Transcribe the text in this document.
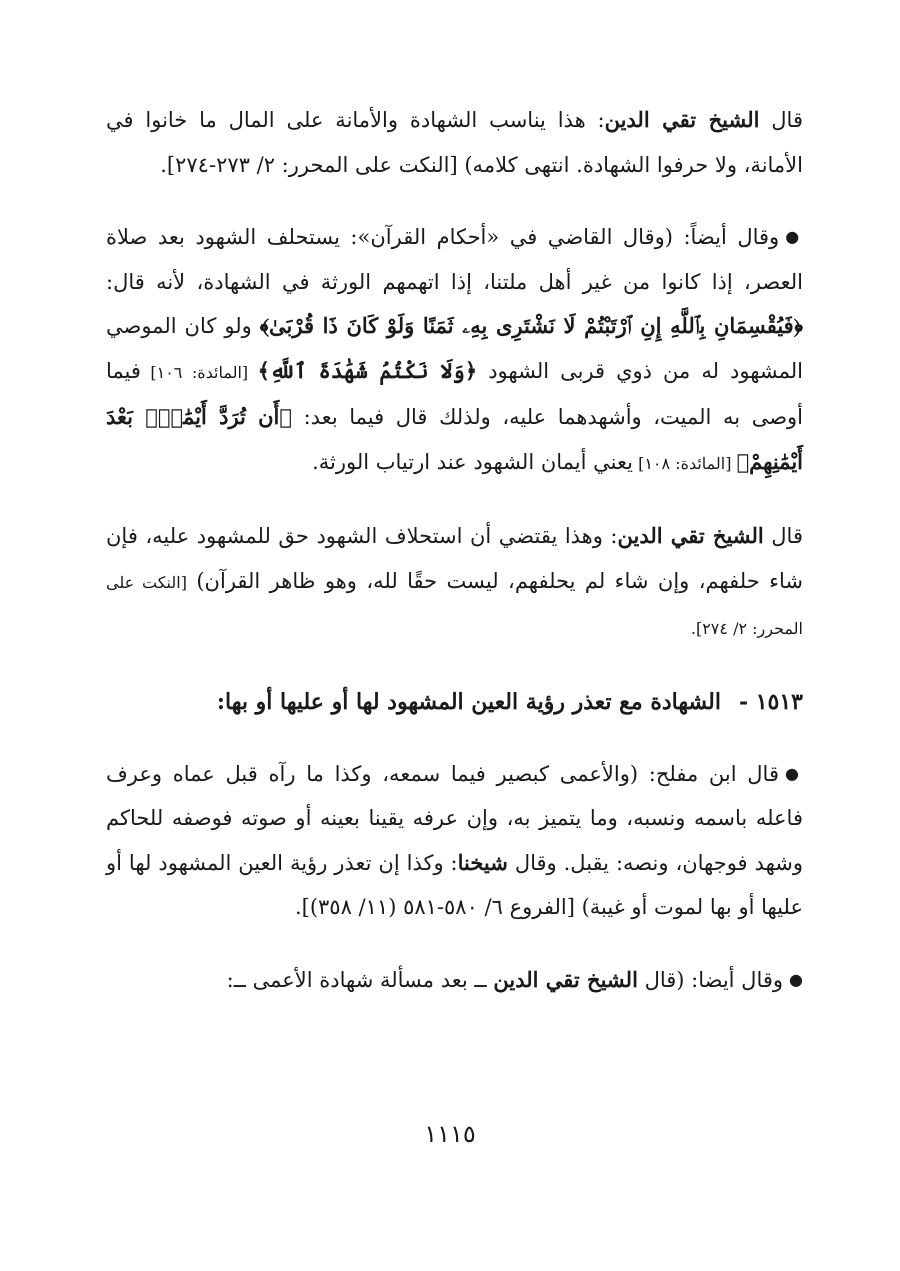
قال الشيخ تقي الدين: هذا يناسب الشهادة والأمانة على المال ما خانوا في الأمانة، ولا حرفوا الشهادة. انتهى كلامه) [النكت على المحرر: ٢/ ٢٧٣-٢٧٤].

●وقال أيضاً: (وقال القاضي في «أحكام القرآن»: يستحلف الشهود بعد صلاة العصر، إذا كانوا من غير أهل ملتنا، إذا اتهمهم الورثة في الشهادة، لأنه قال: ﴿فَيُقْسِمَانِ بِٱللَّهِ إِنِ ٱرْتَبْتُمْ لَا نَشْتَرِى بِهِۦ ثَمَنًا وَلَوْ كَانَ ذَا قُرْبَىٰ﴾ ولو كان الموصي المشهود له من ذوي قربى الشهود ﴿وَلَا نَكْتُمُ شَهَٰدَةَ ٱللَّهِ﴾ [المائدة: ١٠٦] فيما أوصى به الميت، وأشهدهما عليه، ولذلك قال فيما بعد: ﴿أَن تُرَدَّ أَيْمَٰنٌۢ بَعْدَ أَيْمَٰنِهِمْ﴾ [المائدة: ١٠٨] يعني أيمان الشهود عند ارتياب الورثة.

قال الشيخ تقي الدين: وهذا يقتضي أن استحلاف الشهود حق للمشهود عليه، فإن شاء حلفهم، وإن شاء لم يحلفهم، ليست حقًا لله، وهو ظاهر القرآن) [النكت على المحرر: ٢/ ٢٧٤].

١٥١٣ -الشهادة مع تعذر رؤية العين المشهود لها أو عليها أو بها:

●قال ابن مفلح: (والأعمى كبصير فيما سمعه، وكذا ما رآه قبل عماه وعرف فاعله باسمه ونسبه، وما يتميز به، وإن عرفه يقينا بعينه أو صوته فوصفه للحاكم وشهد فوجهان، ونصه: يقبل. وقال شيخنا: وكذا إن تعذر رؤية العين المشهود لها أو عليها أو بها لموت أو غيبة) [الفروع ٦/ ٥٨٠-٥٨١ (١١/ ٣٥٨)].

●وقال أيضا: (قال الشيخ تقي الدين ــ بعد مسألة شهادة الأعمى ــ:

١١١٥
